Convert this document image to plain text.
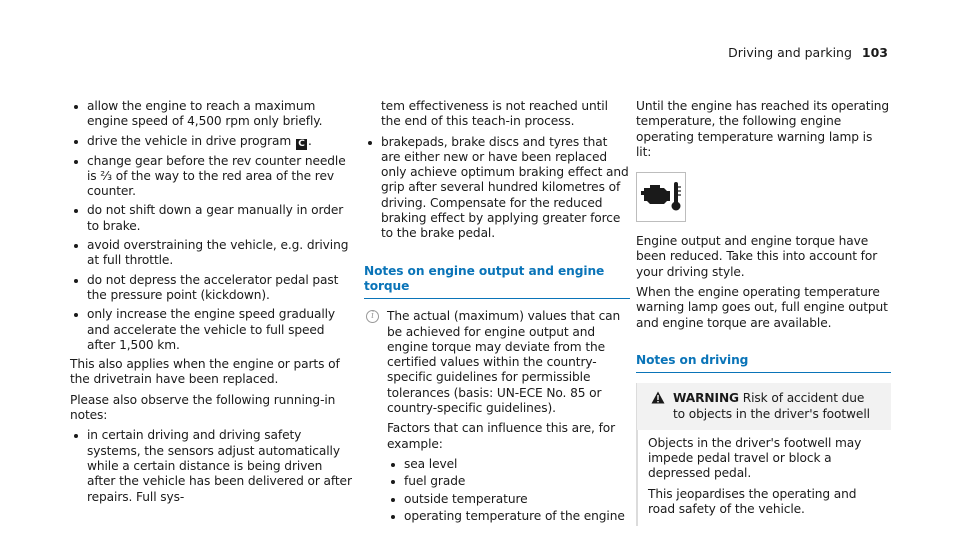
Driving and parking 103
allow the engine to reach a maximum engine speed of 4,500 rpm only briefly.
drive the vehicle in drive program C .
change gear before the rev counter needle is ⅔ of the way to the red area of the rev counter.
do not shift down a gear manually in order to brake.
avoid overstraining the vehicle, e.g. driving at full throttle.
do not depress the accelerator pedal past the pressure point (kickdown).
only increase the engine speed gradually and accelerate the vehicle to full speed after 1,500 km.

This also applies when the engine or parts of the drivetrain have been replaced.

Please also observe the following running-in notes:

in certain driving and driving safety systems, the sensors adjust automatically while a certain distance is being driven after the vehicle has been delivered or after repairs. Full sys-

tem effectiveness is not reached until the end of this teach-in process.

brakepads, brake discs and tyres that are either new or have been replaced only achieve optimum braking effect and grip after several hundred kilometres of driving. Compensate for the reduced braking effect by applying greater force to the brake pedal.
Notes on engine output and engine torque
i	The actual (maximum) values that can be achieved for engine output and engine torque may deviate from the certified values within the country-specific guidelines for permissible tolerances (basis: UN-ECE No. 85 or country-specific guidelines).

Factors that can influence this are, for example:

sea level
fuel grade
outside temperature
operating temperature of the engine

Until the engine has reached its operating temperature, the following engine operating temperature warning lamp is lit:

Engine output and engine torque have been reduced. Take this into account for your driving style.

When the engine operating temperature warning lamp goes out, full engine output and engine torque are available.

Notes on driving
WARNING Risk of accident due to objects in the driver's footwell

Objects in the driver's footwell may impede pedal travel or block a depressed pedal.

This jeopardises the operating and road safety of the vehicle.
